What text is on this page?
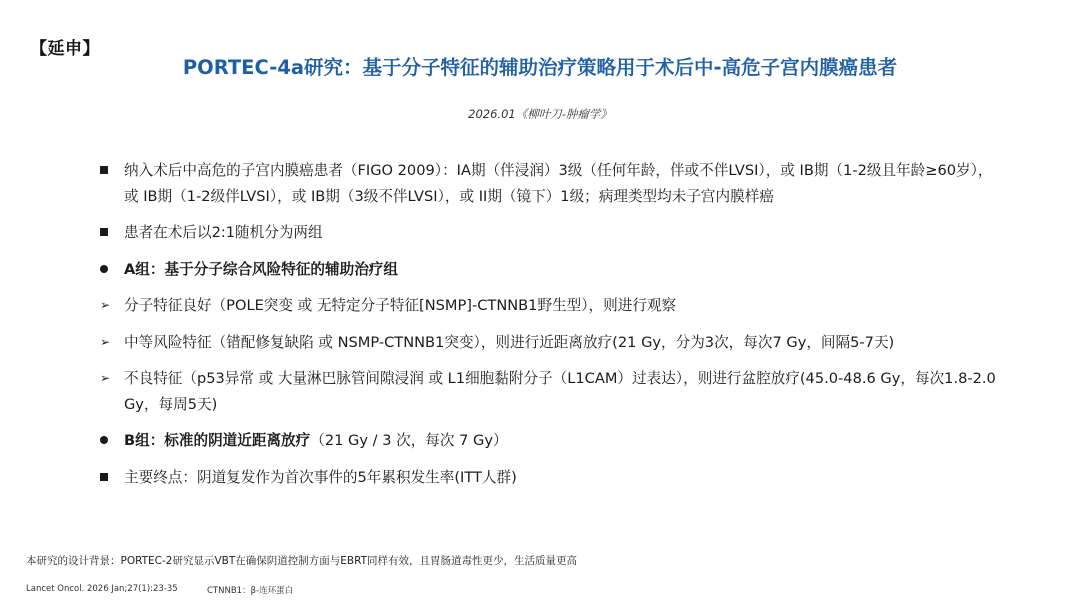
【延申】
PORTEC-4a研究：基于分子特征的辅助治疗策略用于术后中-高危子宫内膜癌患者
2026.01《柳叶刀-肿瘤学》
纳入术后中高危的子宫内膜癌患者（FIGO 2009）：IA期（伴浸润）3级（任何年龄，伴或不伴LVSI），或 IB期（1-2级且年龄≥60岁），或 IB期（1-2级伴LVSI），或 IB期（3级不伴LVSI），或 II期（镜下）1级；病理类型均未子宫内膜样癌
患者在术后以2:1随机分为两组
A组：基于分子综合风险特征的辅助治疗组
➢ 分子特征良好（POLE突变 或 无特定分子特征[NSMP]-CTNNB1野生型），则进行观察
➢ 中等风险特征（错配修复缺陷 或 NSMP-CTNNB1突变），则进行近距离放疗(21 Gy，分为3次，每次7 Gy，间隔5-7天)
➢ 不良特征（p53异常 或 大量淋巴脉管间隙浸润 或 L1细胞黏附分子（L1CAM）过表达），则进行盆腔放疗(45.0-48.6 Gy，每次1.8-2.0 Gy，每周5天)
B组：标准的阴道近距离放疗（21 Gy / 3 次，每次 7 Gy）
主要终点：阴道复发作为首次事件的5年累积发生率(ITT人群)
本研究的设计背景：PORTEC-2研究显示VBT在确保阴道控制方面与EBRT同样有效，且胃肠道毒性更少，生活质量更高
Lancet Oncol. 2026 Jan;27(1):23-35	CTNNB1：β-连环蛋白
